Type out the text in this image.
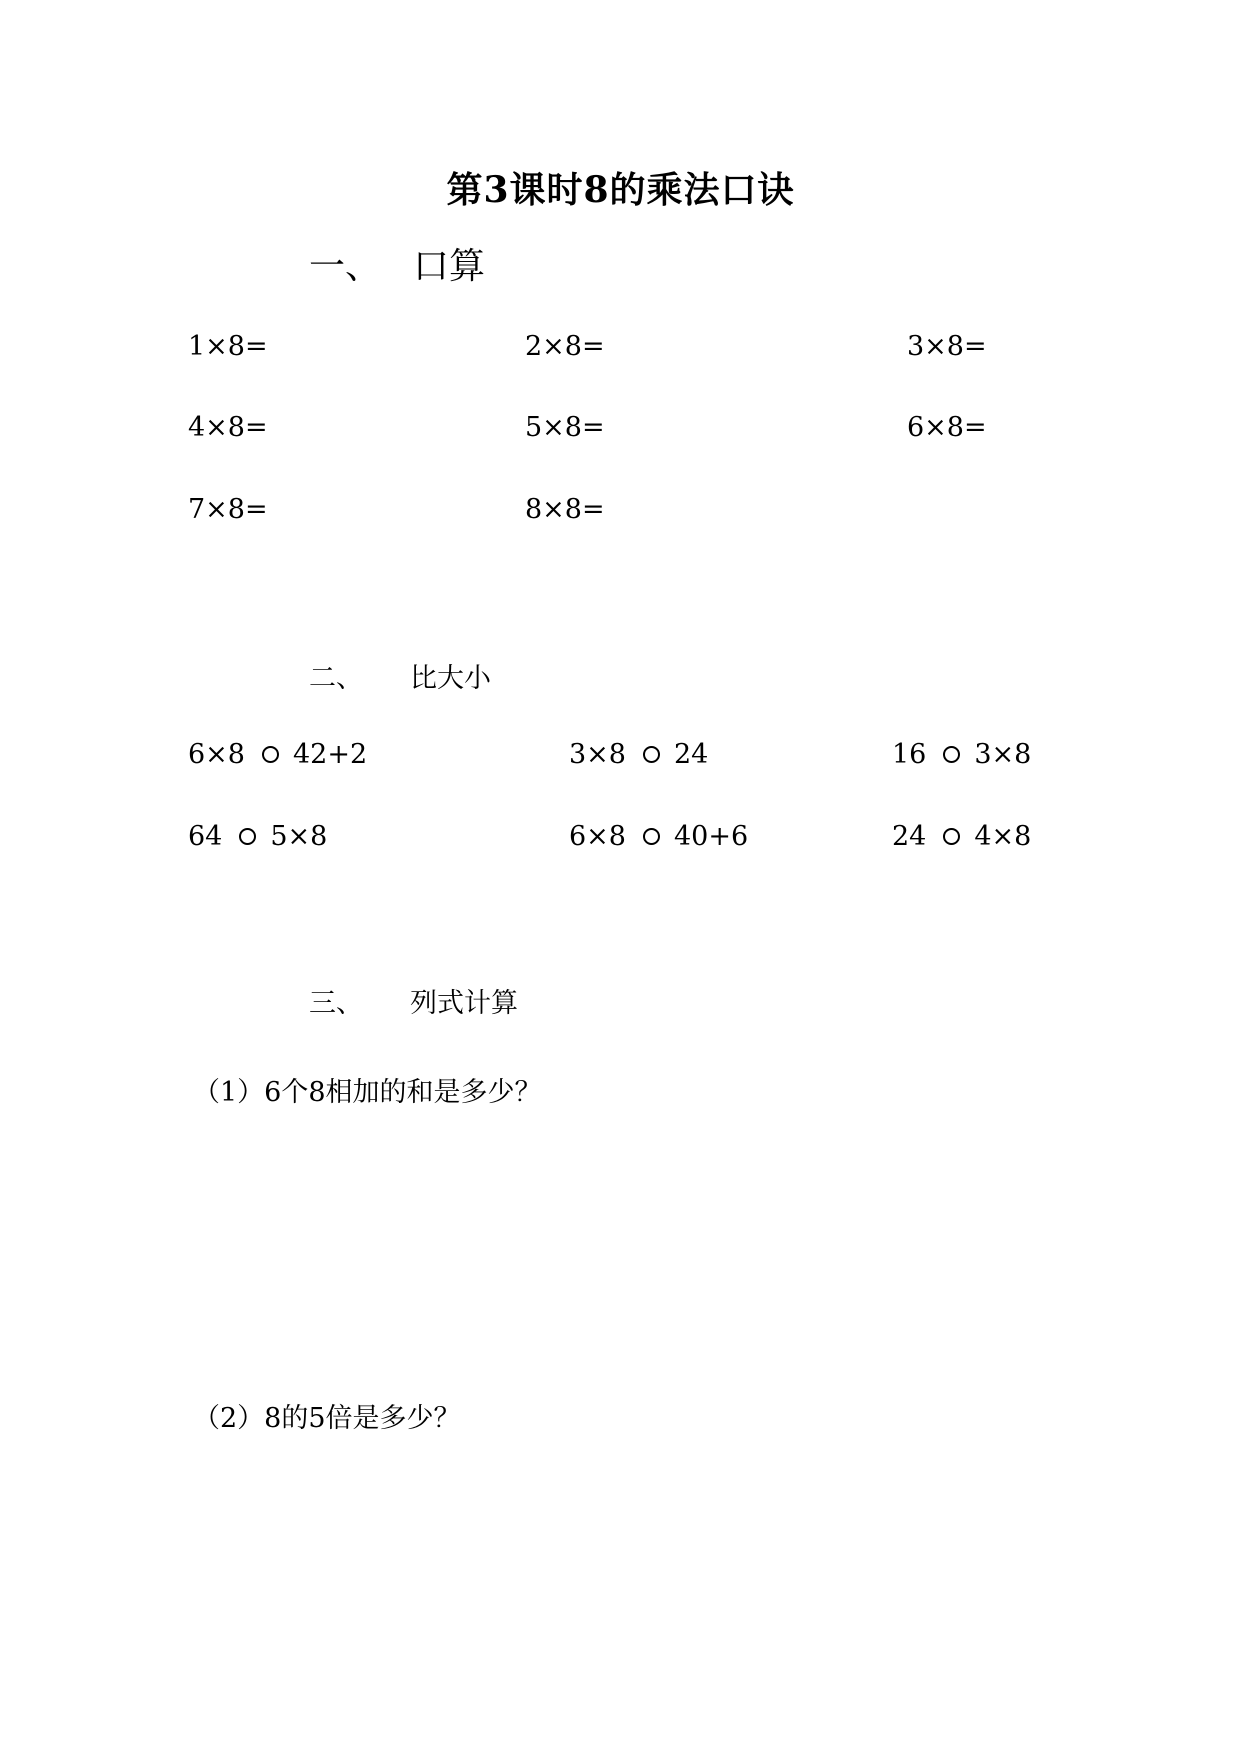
第3课时8的乘法口诀
一、 口算
1×8=	2×8=	3×8=
4×8=	5×8=	6×8=
7×8=	8×8=
二、 比大小
6×8 42+2	3×8 24	16 3×8
64 5×8	6×8 40+6	24 4×8
三、 列式计算
（1）6个8相加的和是多少？
（2）8的5倍是多少？
